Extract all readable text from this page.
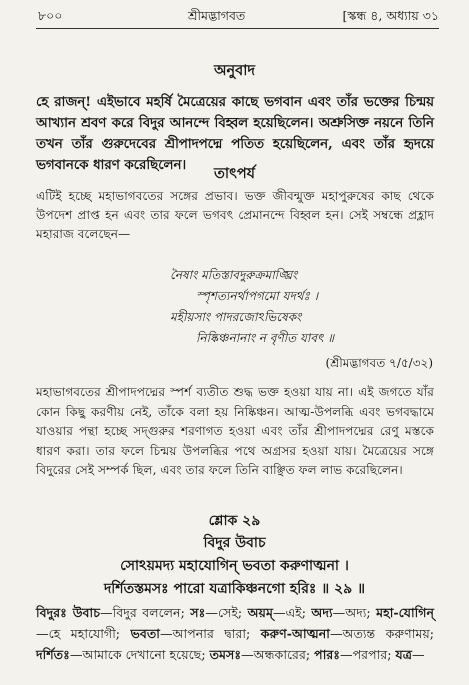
৮০০	শ্রীমদ্ভাগবত	[স্কন্ধ ৪, অধ্যায় ৩১
অনুবাদ
হে রাজন্! এইভাবে মহর্ষি মৈত্রেয়ের কাছে ভগবান এবং তাঁর ভক্তের চিন্ময় আখ্যান শ্রবণ করে বিদুর আনন্দে বিহ্বল হয়েছিলেন। অশ্রুসিক্ত নয়নে তিনি তখন তাঁর গুরুদেবের শ্রীপাদপদ্মে পতিত হয়েছিলেন, এবং তাঁর হৃদয়ে ভগবানকে ধারণ করেছিলেন।	তাৎপর্য
এটিই হচ্ছে মহাভাগবতের সঙ্গের প্রভাব। ভক্ত জীবন্মুক্ত মহাপুরুষের কাছ থেকে উপদেশ প্রাপ্ত হন এবং তার ফলে ভগবৎ প্রেমানন্দে বিহ্বল হন। সেই সম্বন্ধে প্রহ্লাদ মহারাজ বলেছেন—
নৈষাং মতিস্তাবদুরুক্রমাঙ্ঘ্রিং
স্পৃশত্যনর্থাপগমো যদর্থঃ ।
মহীয়সাং পাদরজোঽভিষেকং
নিষ্কিঞ্চনানাং ন বৃণীত যাবৎ ॥
(শ্রীমদ্ভাগবত ৭/৫/৩২)
মহাভাগবতের শ্রীপাদপদ্মের স্পর্শ ব্যতীত শুদ্ধ ভক্ত হওয়া যায় না। এই জগতে যাঁর কোন কিছু করণীয় নেই, তাঁকে বলা হয় নিষ্কিঞ্চন। আত্ম-উপলব্ধি এবং ভগবদ্ধামে যাওয়ার পন্থা হচ্ছে সদ্গুরুর শরণাগত হওয়া এবং তাঁর শ্রীপাদপদ্মের রেণু মস্তকে ধারণ করা। তার ফলে চিন্ময় উপলব্ধির পথে অগ্রসর হওয়া যায়। মৈত্রেয়ের সঙ্গে বিদুরের সেই সম্পর্ক ছিল, এবং তার ফলে তিনি বাঞ্ছিত ফল লাভ করেছিলেন।
শ্লোক ২৯
বিদুর উবাচ
সোঽয়মদ্য মহাযোগিন্ ভবতা করুণাত্মনা ।
দর্শিতস্তমসঃ পারো যত্রাকিঞ্চনগো হরিঃ ॥ ২৯ ॥
বিদুরঃ উবাচ—বিদুর বললেন; সঃ—সেই; অয়ম্—এই; অদ্য—অদ্য; মহা-যোগিন্—হে মহাযোগী; ভবতা—আপনার দ্বারা; করুণ-আত্মনা—অত্যন্ত করুণাময়; দর্শিতঃ—আমাকে দেখানো হয়েছে; তমসঃ—অন্ধকারের; পারঃ—পরপার; যত্র—
